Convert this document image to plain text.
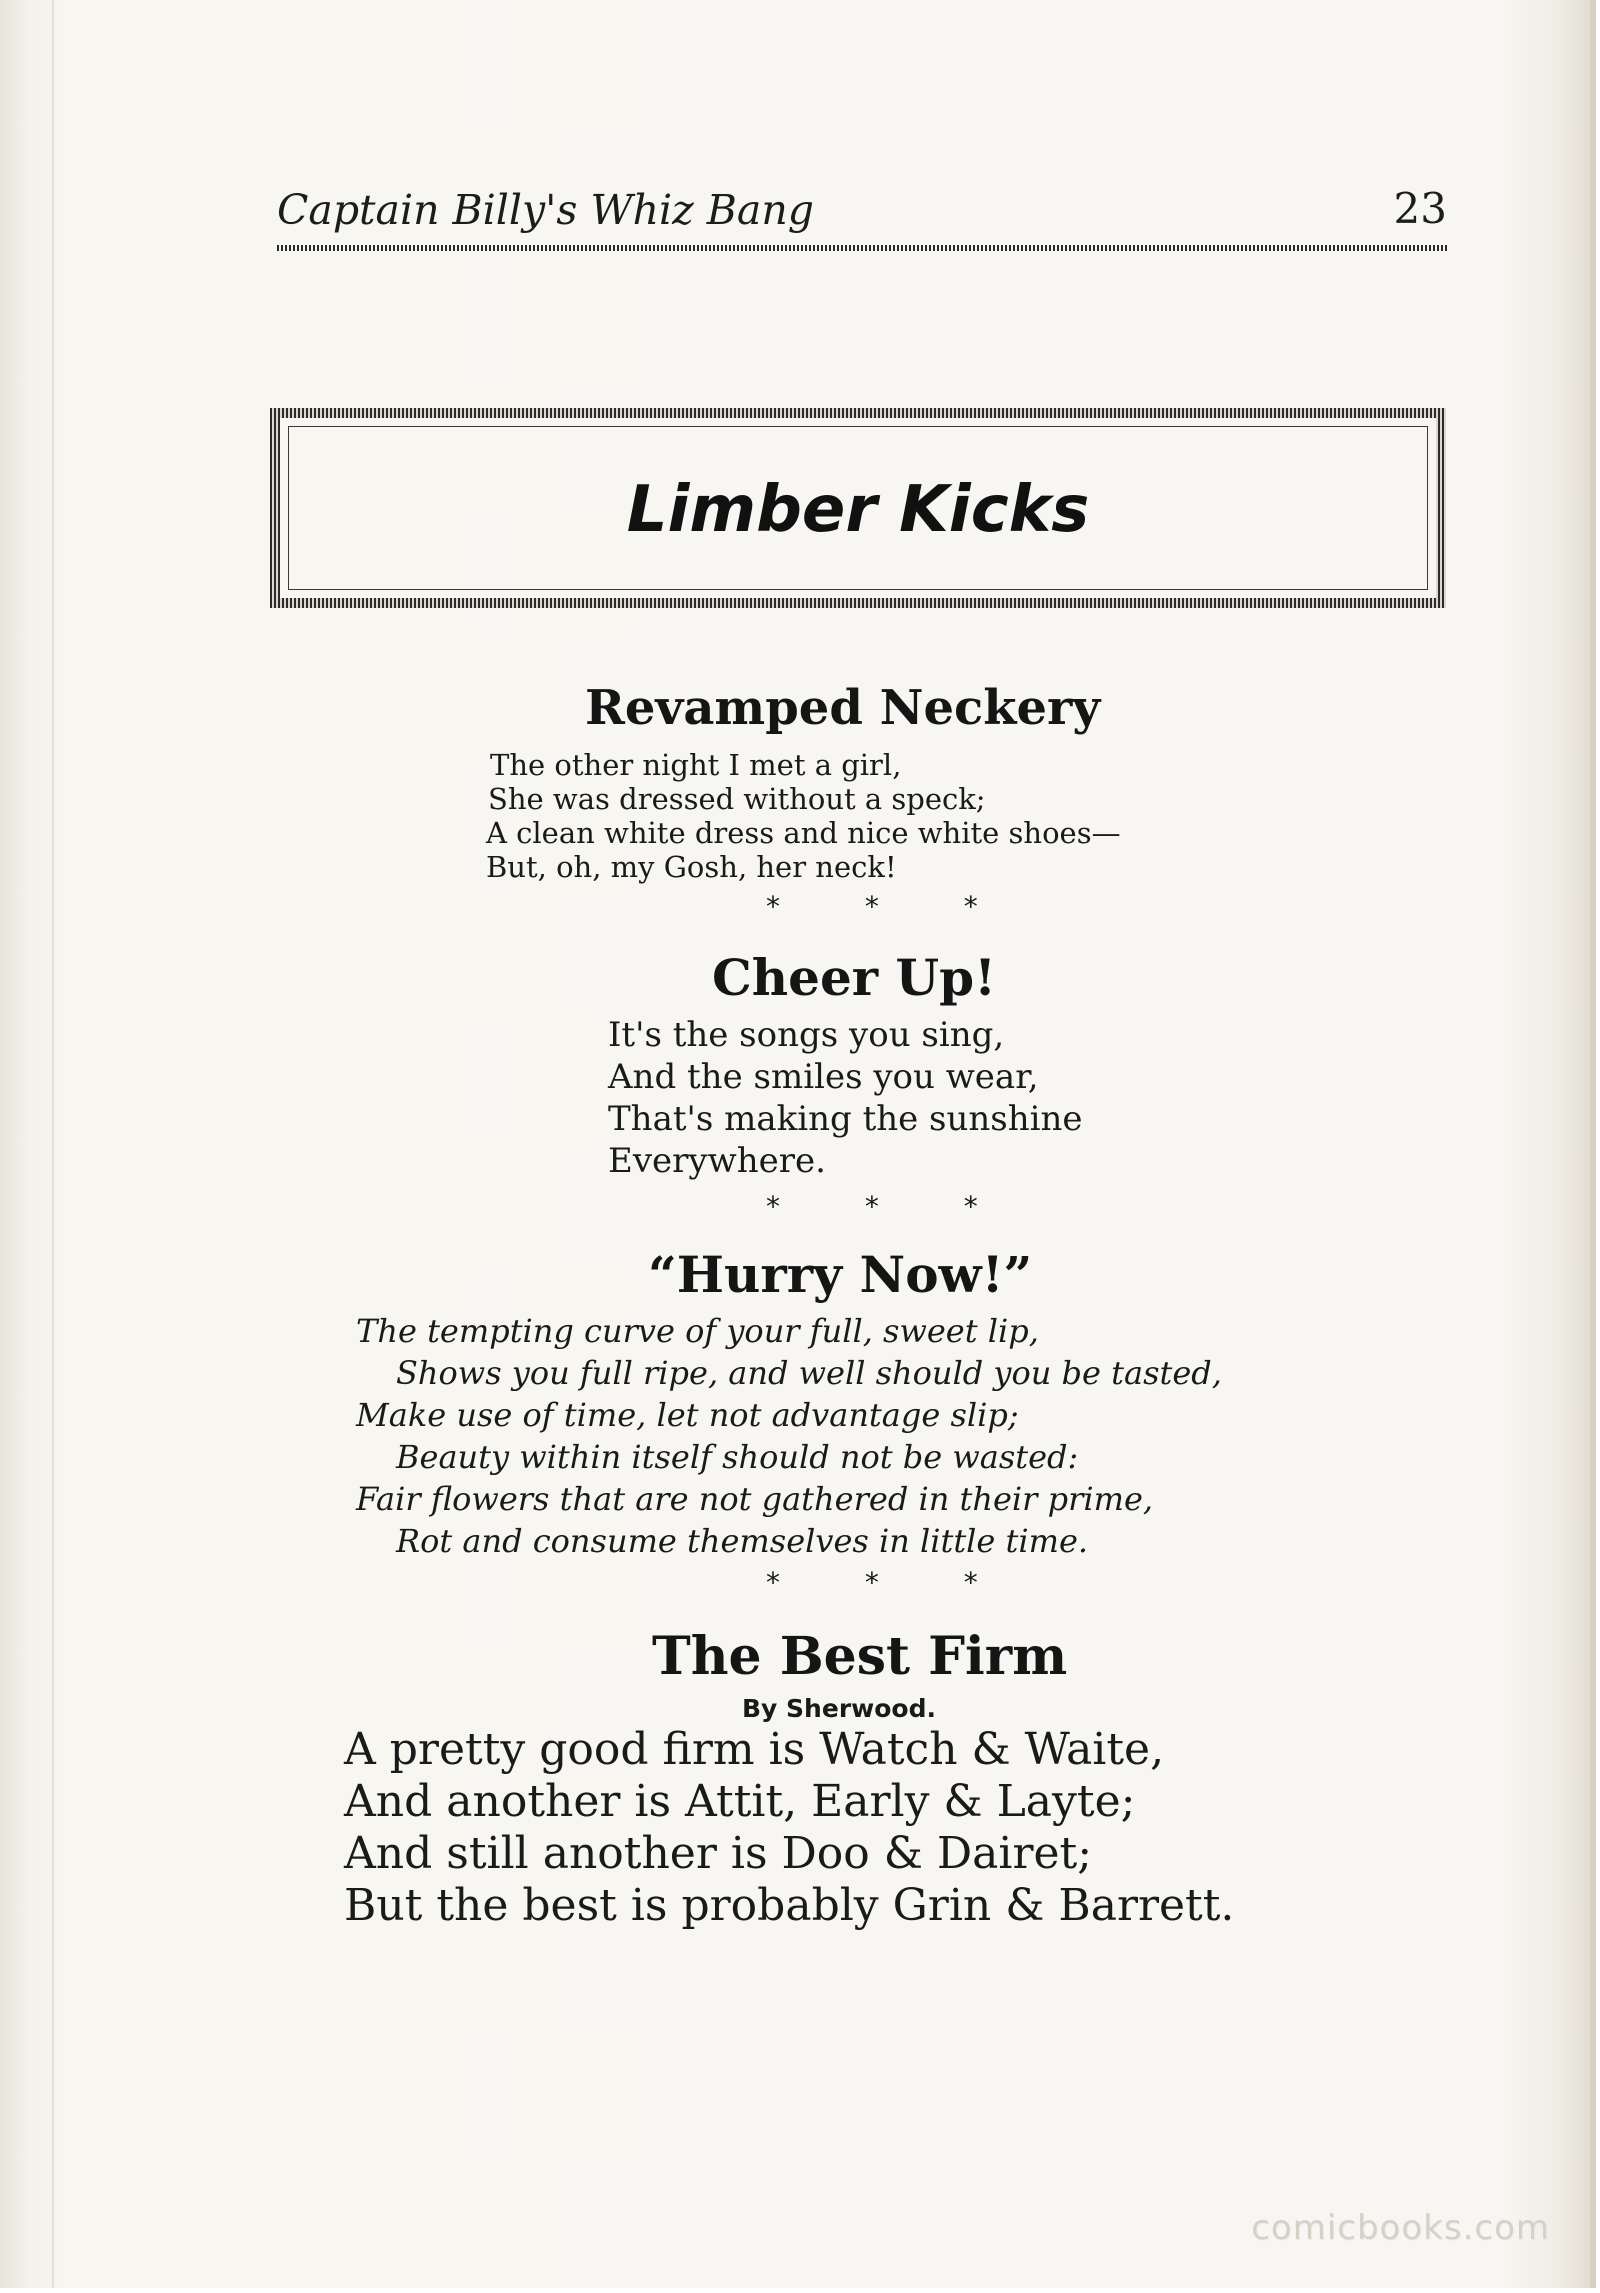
Captain Billy's Whiz Bang	23
Limber Kicks
Revamped Neckery
The other night I met a girl,
She was dressed without a speck;
A clean white dress and nice white shoes—
But, oh, my Gosh, her neck!
* * *
Cheer Up!
It's the songs you sing,
And the smiles you wear,
That's making the sunshine
Everywhere.
* * *
“Hurry Now!”
The tempting curve of your full, sweet lip,
Shows you full ripe, and well should you be tasted,
Make use of time, let not advantage slip;
Beauty within itself should not be wasted:
Fair flowers that are not gathered in their prime,
Rot and consume themselves in little time.
* * *
The Best Firm
By Sherwood.
A pretty good firm is Watch & Waite,
And another is Attit, Early & Layte;
And still another is Doo & Dairet;
But the best is probably Grin & Barrett.
comicbooks.com
